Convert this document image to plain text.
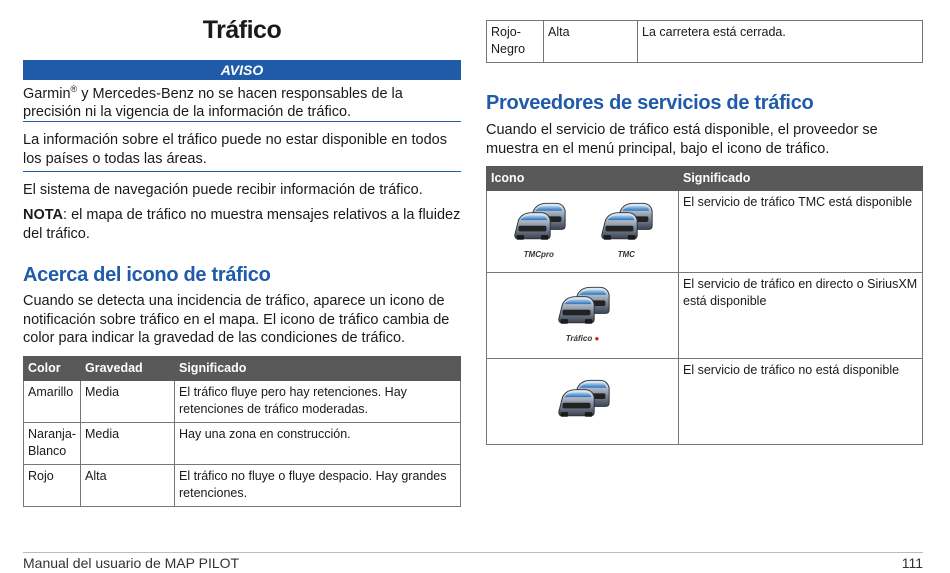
Tráfico
AVISO

Garmin® y Mercedes-Benz no se hacen responsables de la precisión ni la vigencia de la información de tráfico.

La información sobre el tráfico puede no estar disponible en todos los países o todas las áreas.

El sistema de navegación puede recibir información de tráfico.

NOTA: el mapa de tráfico no muestra mensajes relativos a la fluidez del tráfico.

Acerca del icono de tráfico

Cuando se detecta una incidencia de tráfico, aparece un icono de notificación sobre tráfico en el mapa. El icono de tráfico cambia de color para indicar la gravedad de las condiciones de tráfico.

Color	Gravedad	Significado
Amarillo	Media	El tráfico fluye pero hay retenciones. Hay retenciones de tráfico moderadas.
Naranja-Blanco	Media	Hay una zona en construcción.
Rojo	Alta	El tráfico no fluye o fluye despacio. Hay grandes retenciones.
Rojo-Negro	Alta	La carretera está cerrada.
Proveedores de servicios de tráfico

Cuando el servicio de tráfico está disponible, el proveedor se muestra en el menú principal, bajo el icono de tráfico.

Icono	Significado

TMCpro
TMC	El servicio de tráfico TMC está disponible

Tráfico ●	El servicio de tráfico en directo o SiriusXM está disponible
	El servicio de tráfico no está disponible
Manual del usuario de MAP PILOT	111
